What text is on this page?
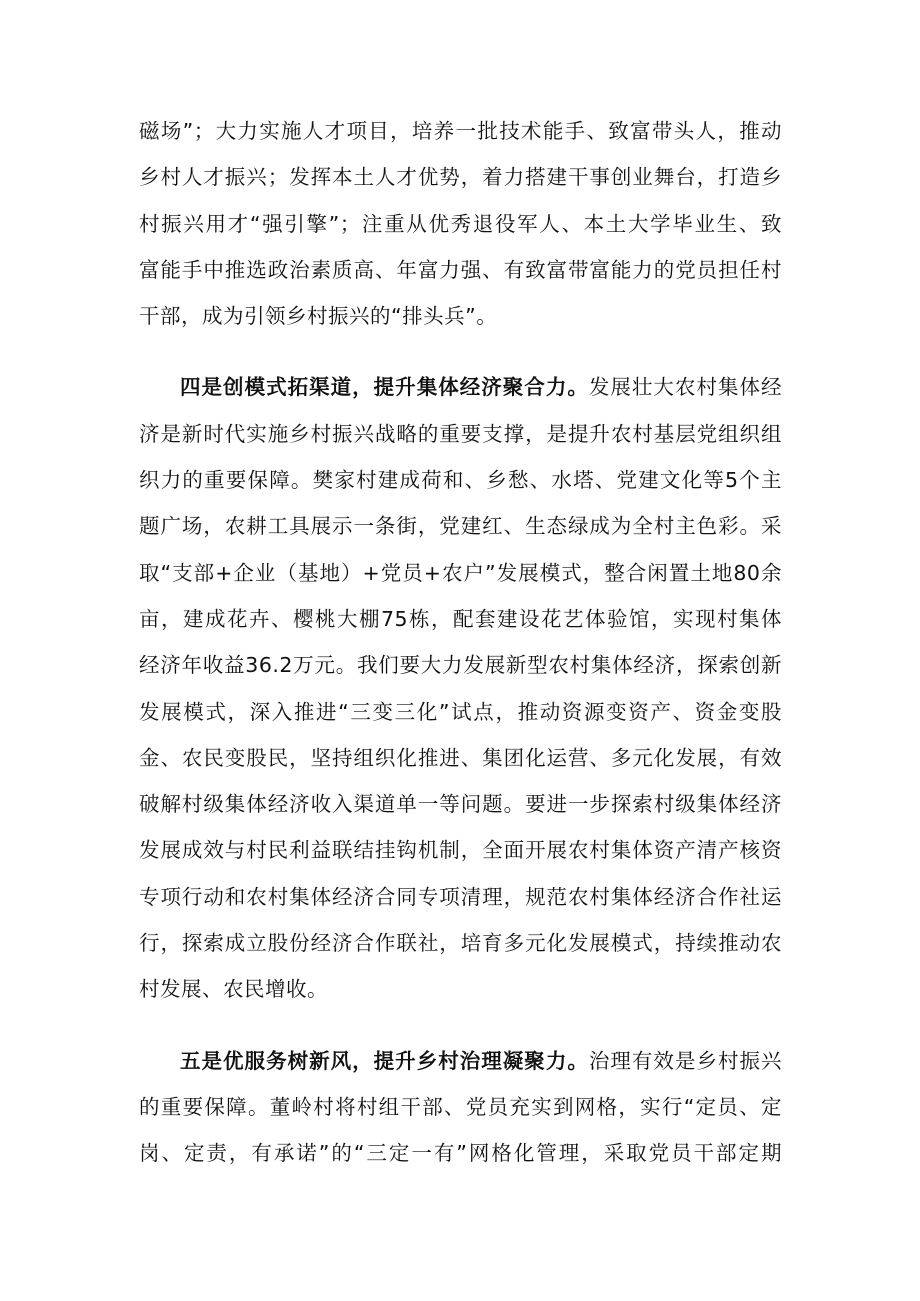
磁场”；大力实施人才项目，培养一批技术能手、致富带头人，推动
乡村人才振兴；发挥本土人才优势，着力搭建干事创业舞台，打造乡
村振兴用才“强引擎”；注重从优秀退役军人、本土大学毕业生、致
富能手中推选政治素质高、年富力强、有致富带富能力的党员担任村
干部，成为引领乡村振兴的“排头兵”。
四是创模式拓渠道，提升集体经济聚合力。发展壮大农村集体经
济是新时代实施乡村振兴战略的重要支撑，是提升农村基层党组织组
织力的重要保障。樊家村建成荷和、乡愁、水塔、党建文化等5个主
题广场，农耕工具展示一条街，党建红、生态绿成为全村主色彩。采
取“支部+企业（基地）+党员+农户”发展模式，整合闲置土地80余
亩，建成花卉、樱桃大棚75栋，配套建设花艺体验馆，实现村集体
经济年收益36.2万元。我们要大力发展新型农村集体经济，探索创新
发展模式，深入推进“三变三化”试点，推动资源变资产、资金变股
金、农民变股民，坚持组织化推进、集团化运营、多元化发展，有效
破解村级集体经济收入渠道单一等问题。要进一步探索村级集体经济
发展成效与村民利益联结挂钩机制，全面开展农村集体资产清产核资
专项行动和农村集体经济合同专项清理，规范农村集体经济合作社运
行，探索成立股份经济合作联社，培育多元化发展模式，持续推动农
村发展、农民增收。
五是优服务树新风，提升乡村治理凝聚力。治理有效是乡村振兴
的重要保障。董岭村将村组干部、党员充实到网格，实行“定员、定
岗、定责，有承诺”的“三定一有”网格化管理，采取党员干部定期
